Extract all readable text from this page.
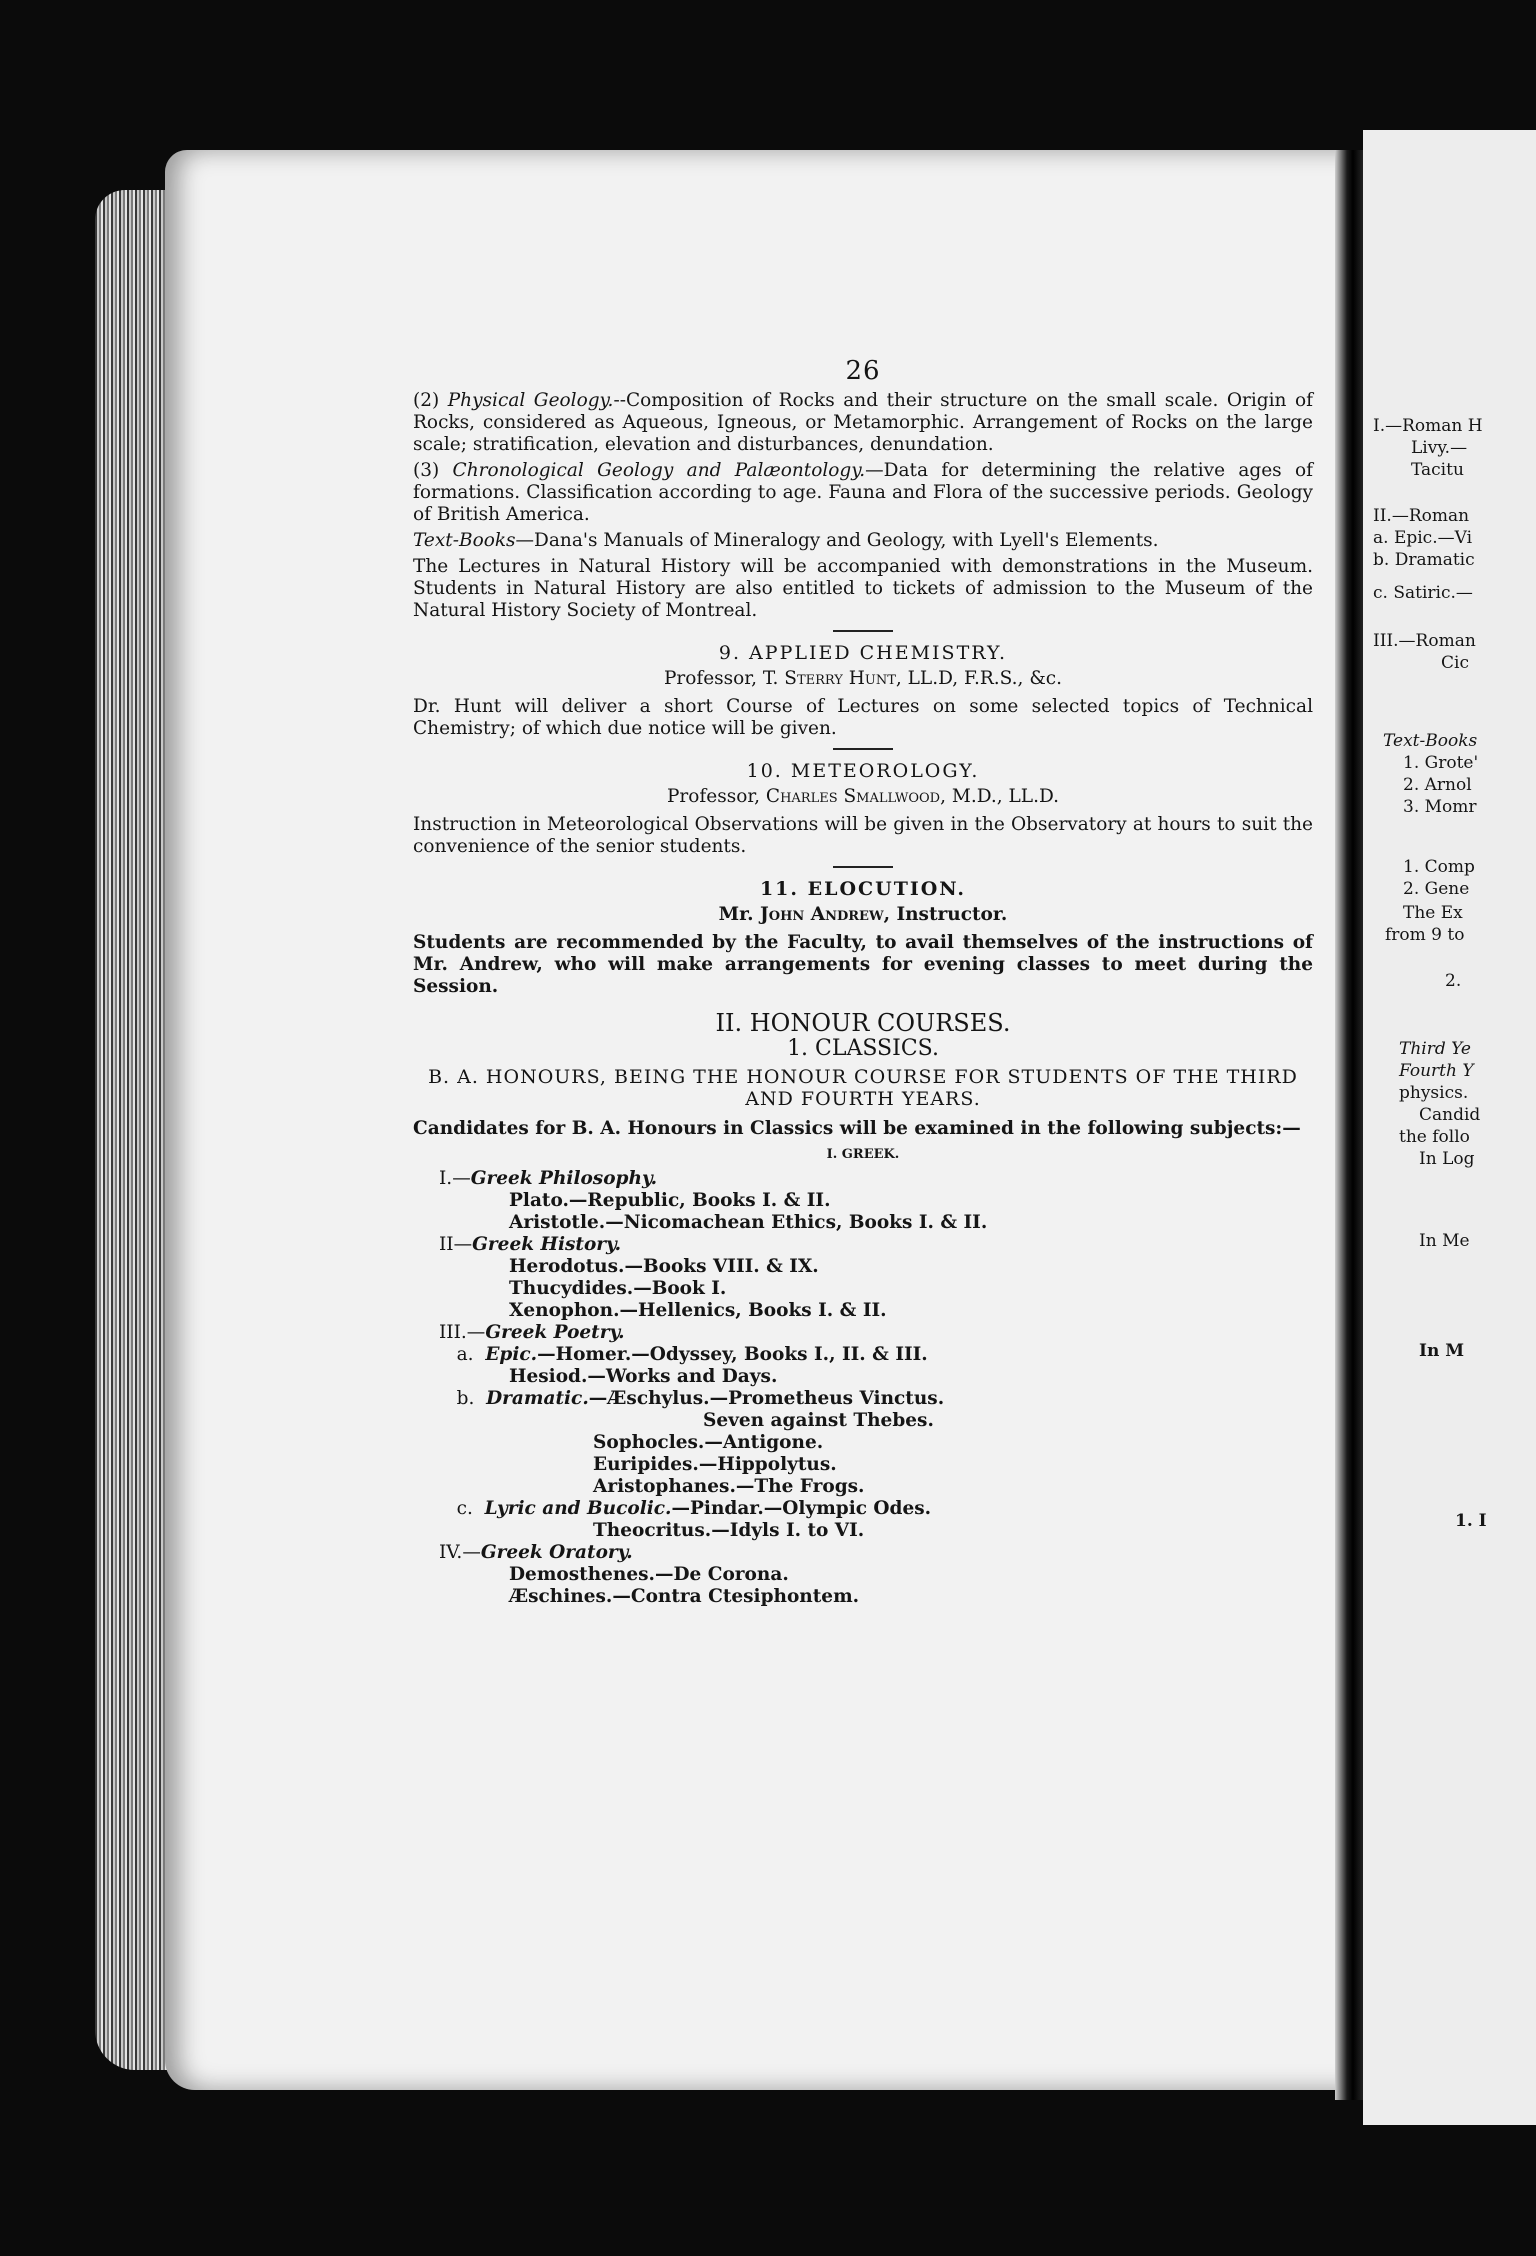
I.—Roman H
Livy.—
Tacitu
II.—Roman
a. Epic.—Vi
b. Dramatic
c. Satiric.—
III.—Roman
Cic
Text-Books
1. Grote'
2. Arnol
3. Momr
1. Comp
2. Gene
The Ex
from 9 to
2.
Third Ye
Fourth Y
physics.
Candid
the follo
In Log
In Me
In M
1. I
26

(2) Physical Geology.--Composition of Rocks and their structure on the small scale. Origin of Rocks, considered as Aqueous, Igneous, or Metamorphic. Arrangement of Rocks on the large scale; stratification, elevation and disturbances, denundation.

(3) Chronological Geology and Palæontology.—Data for determining the relative ages of formations. Classification according to age. Fauna and Flora of the successive periods. Geology of British America.

Text-Books—Dana's Manuals of Mineralogy and Geology, with Lyell's Elements.

The Lectures in Natural History will be accompanied with demonstrations in the Museum. Students in Natural History are also entitled to tickets of admission to the Museum of the Natural History Society of Montreal.

9. APPLIED CHEMISTRY.
Professor, T. Sterry Hunt, LL.D, F.R.S., &c.

Dr. Hunt will deliver a short Course of Lectures on some selected topics of Technical Chemistry; of which due notice will be given.

10. METEOROLOGY.
Professor, Charles Smallwood, M.D., LL.D.

Instruction in Meteorological Observations will be given in the Observatory at hours to suit the convenience of the senior students.

11. ELOCUTION.
Mr. John Andrew, Instructor.

Students are recommended by the Faculty, to avail themselves of the instructions of Mr. Andrew, who will make arrangements for evening classes to meet during the Session.

II. HONOUR COURSES.
1. CLASSICS.
B. A. HONOURS, BEING THE HONOUR COURSE FOR STUDENTS OF THE THIRD AND FOURTH YEARS.

Candidates for B. A. Honours in Classics will be examined in the following subjects:—

I. GREEK.
I.—Greek Philosophy.
Plato.—Republic, Books I. & II.
Aristotle.—Nicomachean Ethics, Books I. & II.
II—Greek History.
Herodotus.—Books VIII. & IX.
Thucydides.—Book I.
Xenophon.—Hellenics, Books I. & II.
III.—Greek Poetry.
a.  Epic.—Homer.—Odyssey, Books I., II. & III.
Hesiod.—Works and Days.
b.  Dramatic.—Æschylus.—Prometheus Vinctus.
Seven against Thebes.
Sophocles.—Antigone.
Euripides.—Hippolytus.
Aristophanes.—The Frogs.
c.  Lyric and Bucolic.—Pindar.—Olympic Odes.
Theocritus.—Idyls I. to VI.
IV.—Greek Oratory.
Demosthenes.—De Corona.
Æschines.—Contra Ctesiphontem.
